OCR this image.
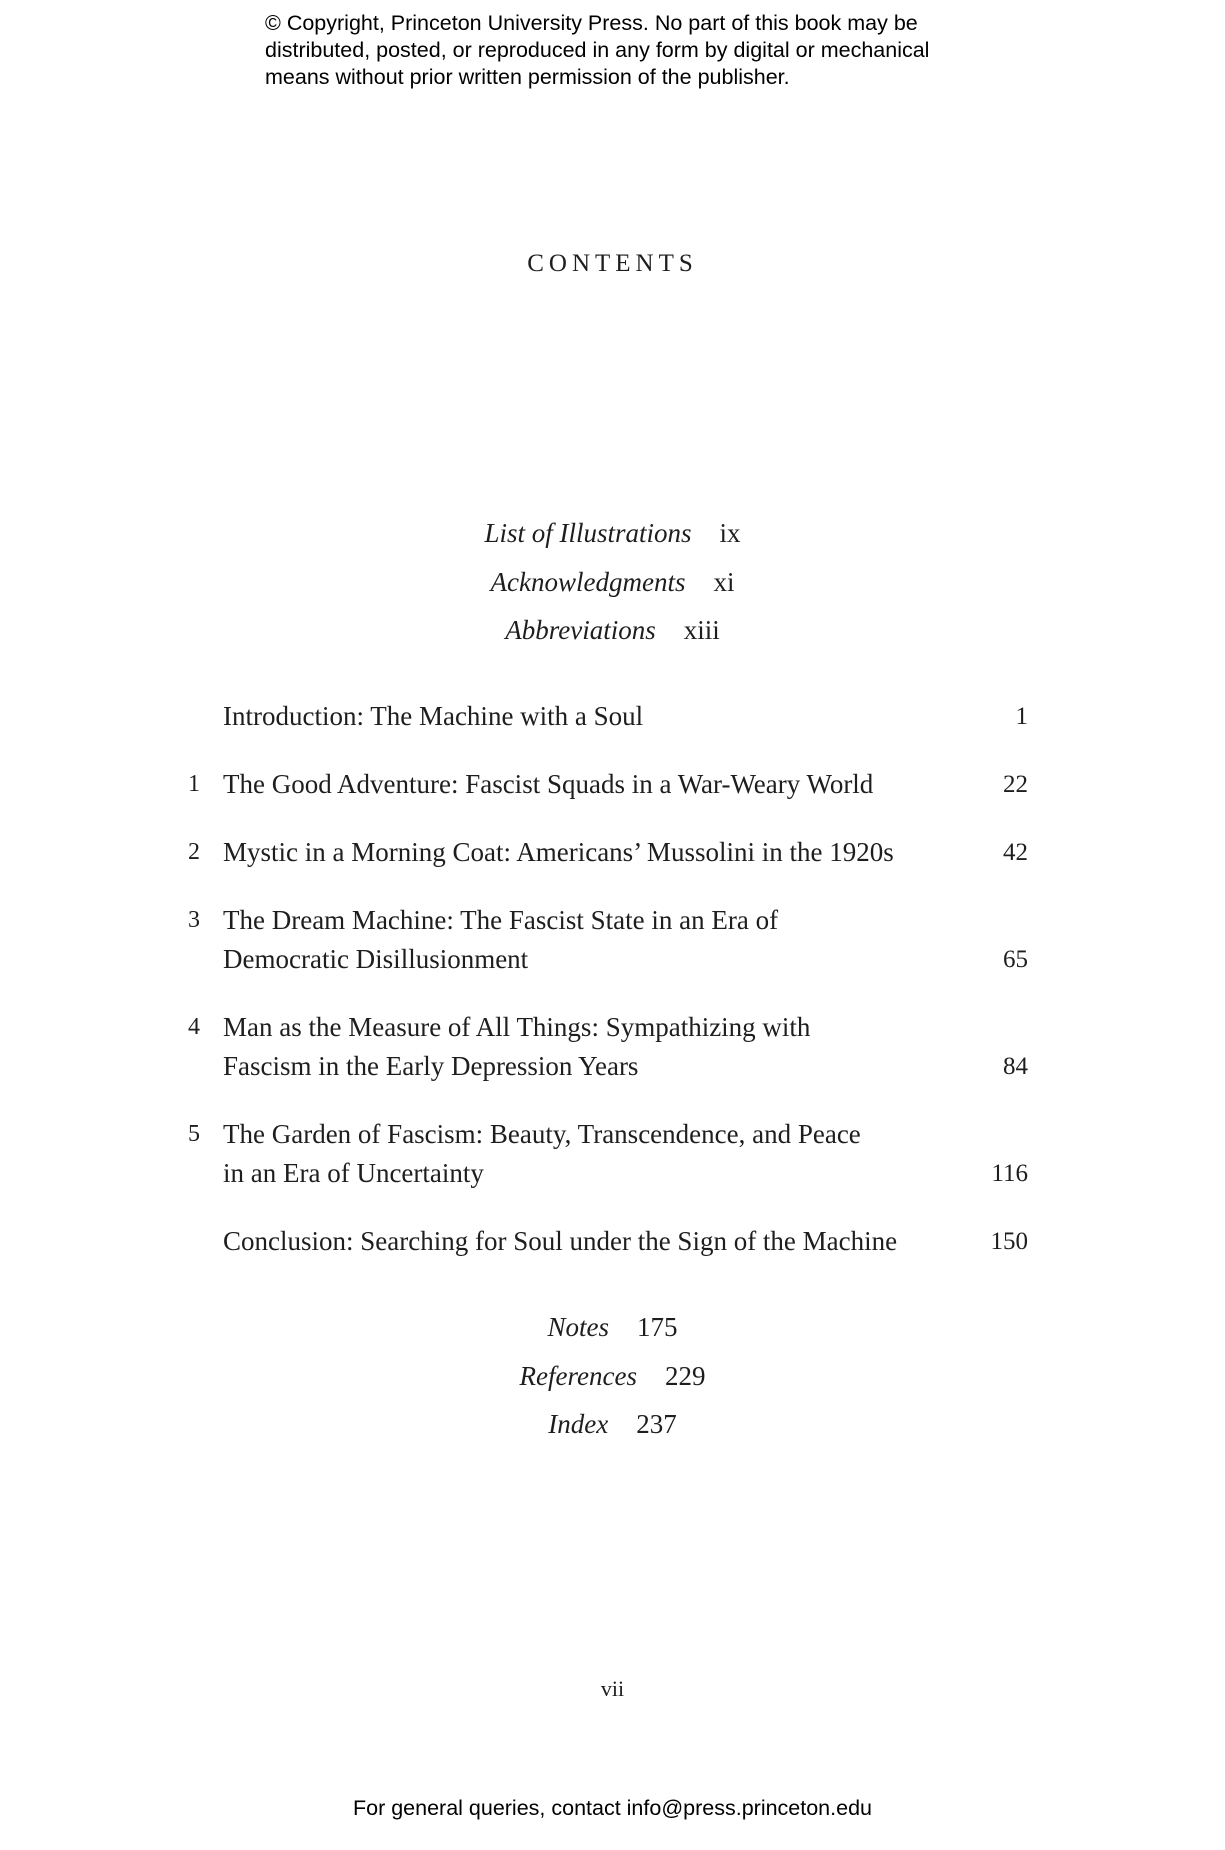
© Copyright, Princeton University Press. No part of this book may be
distributed, posted, or reproduced in any form by digital or mechanical
means without prior written permission of the publisher.
CONTENTS
List of Illustrations ix
Acknowledgments xi
Abbreviations xiii
Introduction: The Machine with a Soul	1
1 The Good Adventure: Fascist Squads in a War-Weary World	22
2 Mystic in a Morning Coat: Americans’ Mussolini in the 1920s	42
3 The Dream Machine: The Fascist State in an Era of
Democratic Disillusionment	65
4 Man as the Measure of All Things: Sympathizing with
Fascism in the Early Depression Years	84
5 The Garden of Fascism: Beauty, Transcendence, and Peace
in an Era of Uncertainty	116
Conclusion: Searching for Soul under the Sign of the Machine	150
Notes 175
References 229
Index 237
vii
For general queries, contact info@press.princeton.edu
